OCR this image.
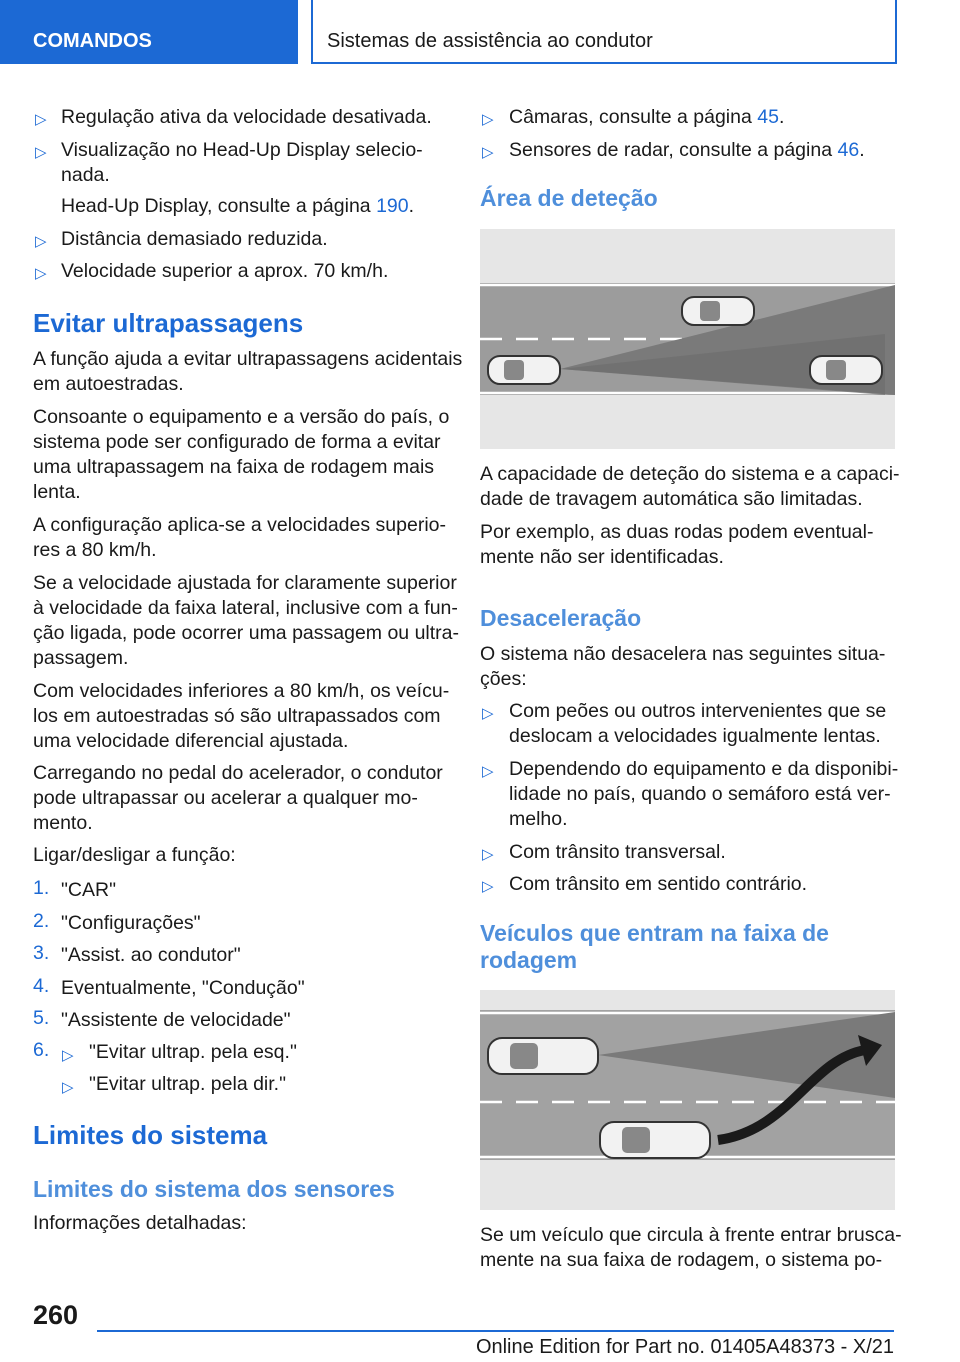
COMANDOS	Sistemas de assistência ao condutor
▷ Regulação ativa da velocidade desativada.

▷ Visualização no Head-Up Display selecio‐

nada.

Head-Up Display, consulte a página 190.

▷ Distância demasiado reduzida.

▷ Velocidade superior a aprox. 70 km/h.

Evitar ultrapassagens

A função ajuda a evitar ultrapassagens acidentais

em autoestradas.

Consoante o equipamento e a versão do país, o

sistema pode ser configurado de forma a evitar

uma ultrapassagem na faixa de rodagem mais

lenta.

A configuração aplica-se a velocidades superio‐

res a 80 km/h.

Se a velocidade ajustada for claramente superior

à velocidade da faixa lateral, inclusive com a fun‐

ção ligada, pode ocorrer uma passagem ou ultra‐

passagem.

Com velocidades inferiores a 80 km/h, os veícu‐

los em autoestradas só são ultrapassados com

uma velocidade diferencial ajustada.

Carregando no pedal do acelerador, o condutor

pode ultrapassar ou acelerar a qualquer mo‐

mento.

Ligar/desligar a função:

1. "CAR"

2. "Configurações"

3. "Assist. ao condutor"

4. Eventualmente, "Condução"

5. "Assistente de velocidade"

6. ▷ "Evitar ultrap. pela esq."

▷ "Evitar ultrap. pela dir."

Limites do sistema
Limites do sistema dos sensores

Informações detalhadas:

▷ Câmaras, consulte a página 45.

▷ Sensores de radar, consulte a página 46.

Área de deteção

A capacidade de deteção do sistema e a capaci‐

dade de travagem automática são limitadas.

Por exemplo, as duas rodas podem eventual‐

mente não ser identificadas.

Desaceleração

O sistema não desacelera nas seguintes situa‐

ções:

▷ Com peões ou outros intervenientes que se

deslocam a velocidades igualmente lentas.

▷ Dependendo do equipamento e da disponibi‐

lidade no país, quando o semáforo está ver‐

melho.

▷ Com trânsito transversal.

▷ Com trânsito em sentido contrário.

Veículos que entram na faixa de
rodagem

Se um veículo que circula à frente entrar brusca‐

mente na sua faixa de rodagem, o sistema po‐

260
Online Edition for Part no. 01405A48373 - X/21
